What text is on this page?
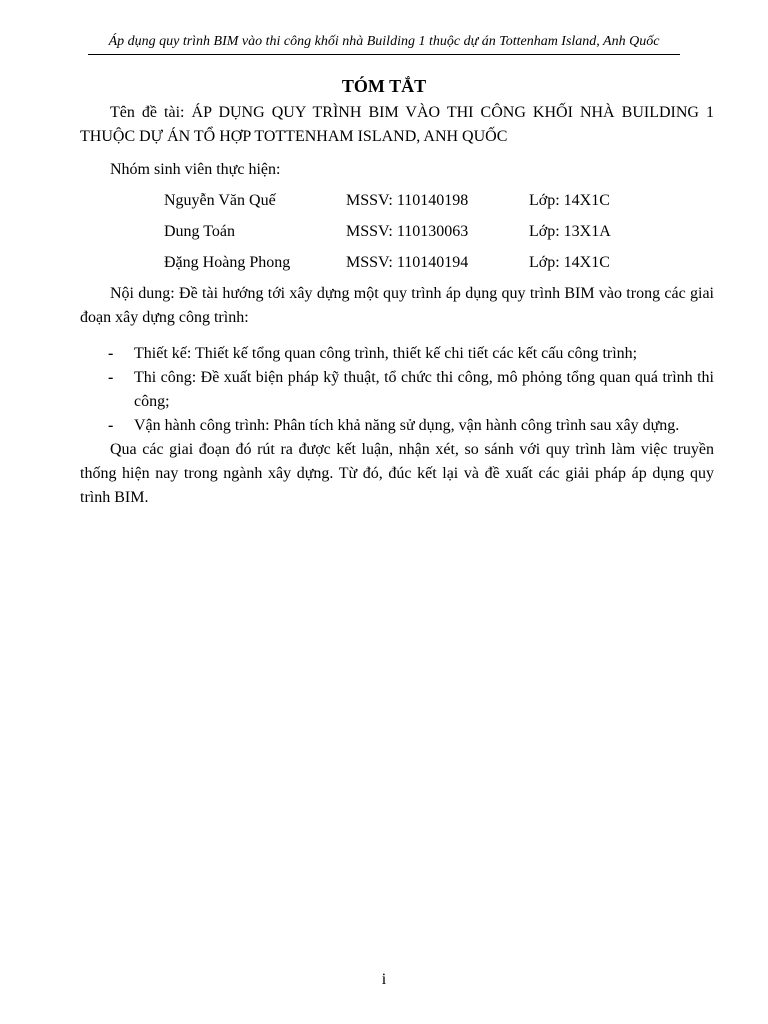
Áp dụng quy trình BIM vào thi công khối nhà Building 1 thuộc dự án Tottenham Island, Anh Quốc
TÓM TẮT

Tên đề tài: ÁP DỤNG QUY TRÌNH BIM VÀO THI CÔNG KHỐI NHÀ BUILDING 1 THUỘC DỰ ÁN TỔ HỢP TOTTENHAM ISLAND, ANH QUỐC

Nhóm sinh viên thực hiện:

Nguyễn Văn Quế	MSSV: 110140198	Lớp: 14X1C
Dung Toán	MSSV: 110130063	Lớp: 13X1A
Đặng Hoàng Phong	MSSV: 110140194	Lớp: 14X1C

Nội dung: Đề tài hướng tới xây dựng một quy trình áp dụng quy trình BIM vào trong các giai đoạn xây dựng công trình:

-	Thiết kế: Thiết kế tổng quan công trình, thiết kế chi tiết các kết cấu công trình;
-	Thi công: Đề xuất biện pháp kỹ thuật, tổ chức thi công, mô phỏng tổng quan quá trình thi công;
-	Vận hành công trình: Phân tích khả năng sử dụng, vận hành công trình sau xây dựng.

Qua các giai đoạn đó rút ra được kết luận, nhận xét, so sánh với quy trình làm việc truyền thống hiện nay trong ngành xây dựng. Từ đó, đúc kết lại và đề xuất các giải pháp áp dụng quy trình BIM.

i
